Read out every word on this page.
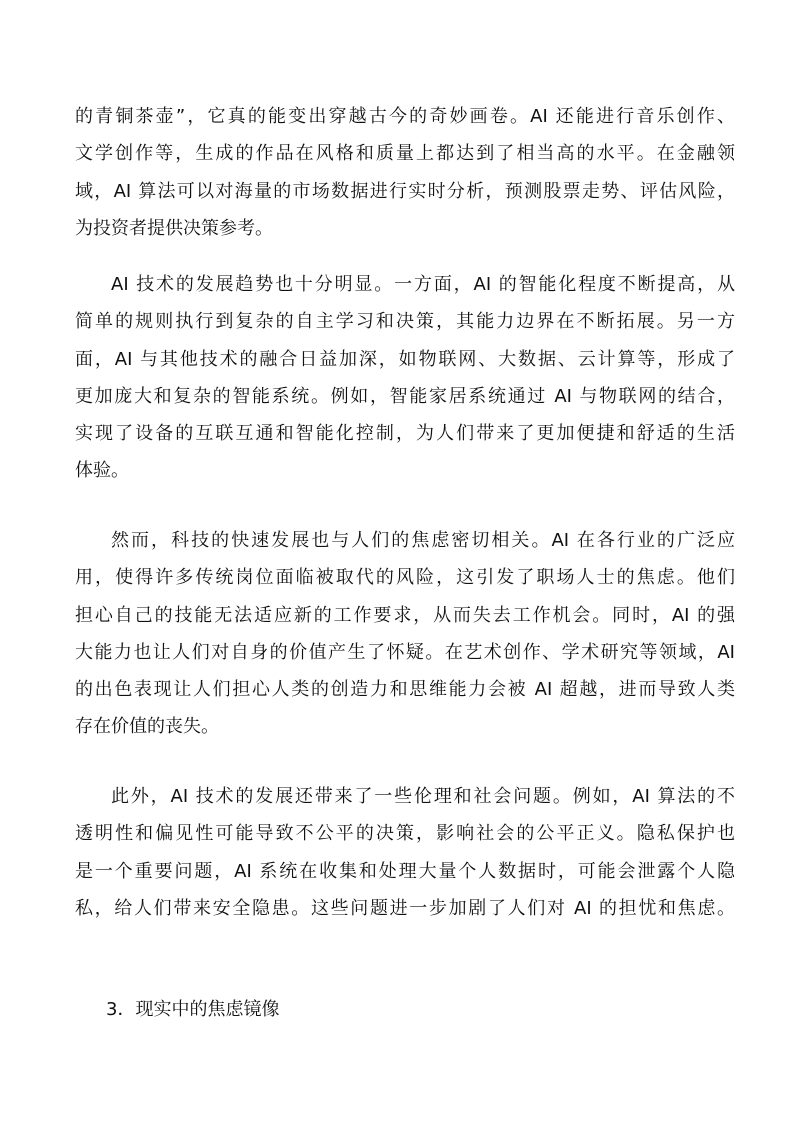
的青铜茶壶”，它真的能变出穿越古今的奇妙画卷。AI 还能进行音乐创作、
文学创作等，生成的作品在风格和质量上都达到了相当高的水平。在金融领
域，AI 算法可以对海量的市场数据进行实时分析，预测股票走势、评估风险，
为投资者提供决策参考。
AI 技术的发展趋势也十分明显。一方面，AI 的智能化程度不断提高，从
简单的规则执行到复杂的自主学习和决策，其能力边界在不断拓展。另一方
面，AI 与其他技术的融合日益加深，如物联网、大数据、云计算等，形成了
更加庞大和复杂的智能系统。例如，智能家居系统通过 AI 与物联网的结合，
实现了设备的互联互通和智能化控制，为人们带来了更加便捷和舒适的生活
体验。
然而，科技的快速发展也与人们的焦虑密切相关。AI 在各行业的广泛应
用，使得许多传统岗位面临被取代的风险，这引发了职场人士的焦虑。他们
担心自己的技能无法适应新的工作要求，从而失去工作机会。同时，AI 的强
大能力也让人们对自身的价值产生了怀疑。在艺术创作、学术研究等领域，AI
的出色表现让人们担心人类的创造力和思维能力会被 AI 超越，进而导致人类
存在价值的丧失。
此外，AI 技术的发展还带来了一些伦理和社会问题。例如，AI 算法的不
透明性和偏见性可能导致不公平的决策，影响社会的公平正义。隐私保护也
是一个重要问题，AI 系统在收集和处理大量个人数据时，可能会泄露个人隐
私，给人们带来安全隐患。这些问题进一步加剧了人们对 AI 的担忧和焦虑。
3．现实中的焦虑镜像
